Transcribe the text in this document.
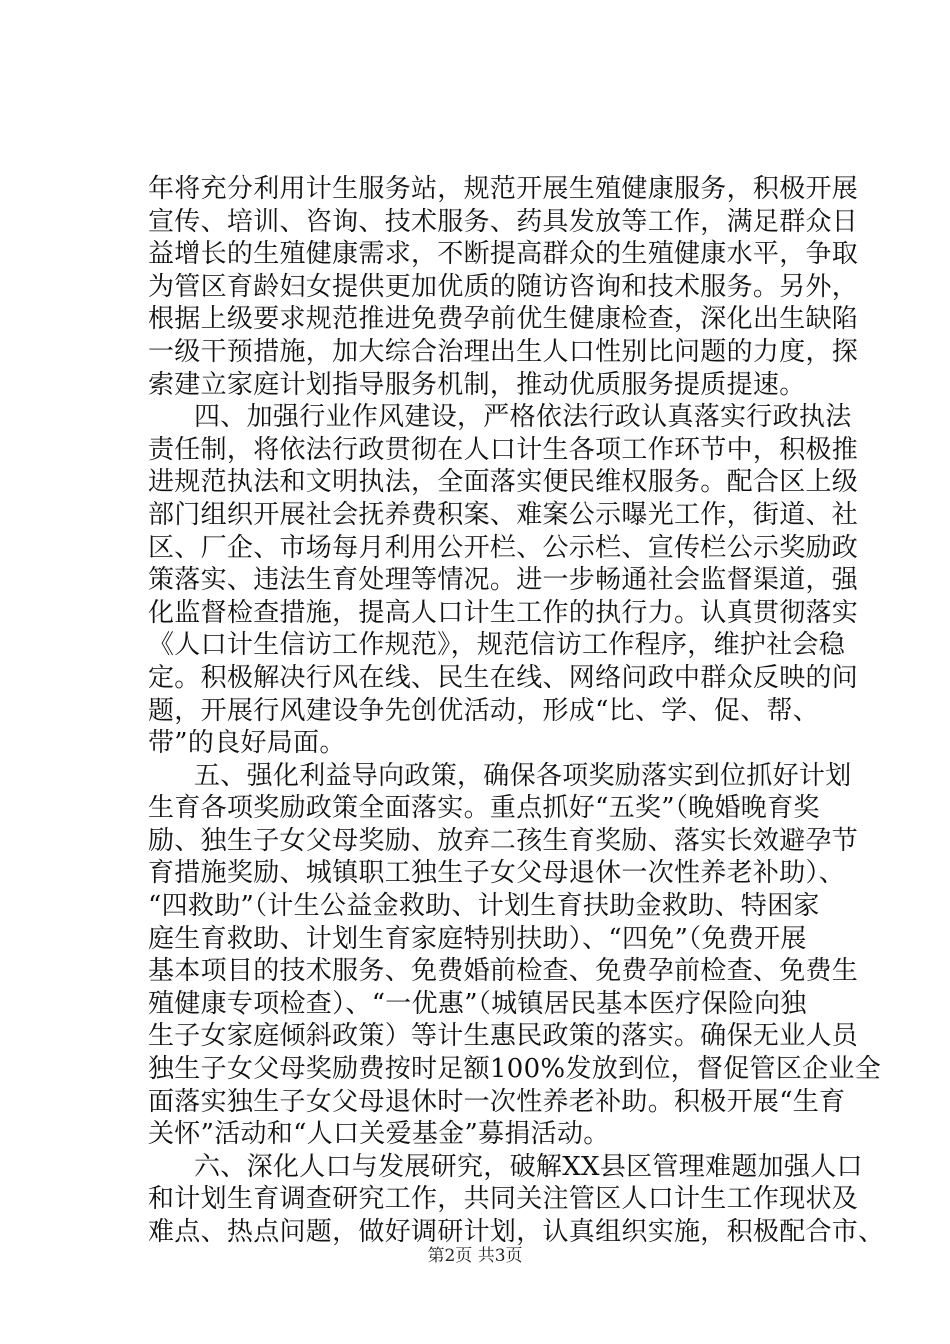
年将充分利用计生服务站，规范开展生殖健康服务，积极开展
宣传、培训、咨询、技术服务、药具发放等工作，满足群众日
益增长的生殖健康需求，不断提高群众的生殖健康水平，争取
为管区育龄妇女提供更加优质的随访咨询和技术服务。另外，
根据上级要求规范推进免费孕前优生健康检查，深化出生缺陷
一级干预措施，加大综合治理出生人口性别比问题的力度，探
索建立家庭计划指导服务机制，推动优质服务提质提速。
四、加强行业作风建设，严格依法行政认真落实行政执法
责任制，将依法行政贯彻在人口计生各项工作环节中，积极推
进规范执法和文明执法，全面落实便民维权服务。配合区上级
部门组织开展社会抚养费积案、难案公示曝光工作，街道、社
区、厂企、市场每月利用公开栏、公示栏、宣传栏公示奖励政
策落实、违法生育处理等情况。进一步畅通社会监督渠道，强
化监督检查措施，提高人口计生工作的执行力。认真贯彻落实
《人口计生信访工作规范》，规范信访工作程序，维护社会稳
定。积极解决行风在线、民生在线、网络问政中群众反映的问
题，开展行风建设争先创优活动，形成“比、学、促、帮、
带”的良好局面。
五、强化利益导向政策，确保各项奖励落实到位抓好计划
生育各项奖励政策全面落实。重点抓好“五奖”（晚婚晚育奖
励、独生子女父母奖励、放弃二孩生育奖励、落实长效避孕节
育措施奖励、城镇职工独生子女父母退休一次性养老补助）、
“四救助”（计生公益金救助、计划生育扶助金救助、特困家
庭生育救助、计划生育家庭特别扶助）、“四免”（免费开展
基本项目的技术服务、免费婚前检查、免费孕前检查、免费生
殖健康专项检查）、“一优惠”（城镇居民基本医疗保险向独
生子女家庭倾斜政策）等计生惠民政策的落实。确保无业人员
独生子女父母奖励费按时足额100%发放到位，督促管区企业全
面落实独生子女父母退休时一次性养老补助。积极开展“生育
关怀”活动和“人口关爱基金”募捐活动。
六、深化人口与发展研究，破解XX县区管理难题加强人口
和计划生育调查研究工作，共同关注管区人口计生工作现状及
难点、热点问题，做好调研计划，认真组织实施，积极配合市、
第2页 共3页
